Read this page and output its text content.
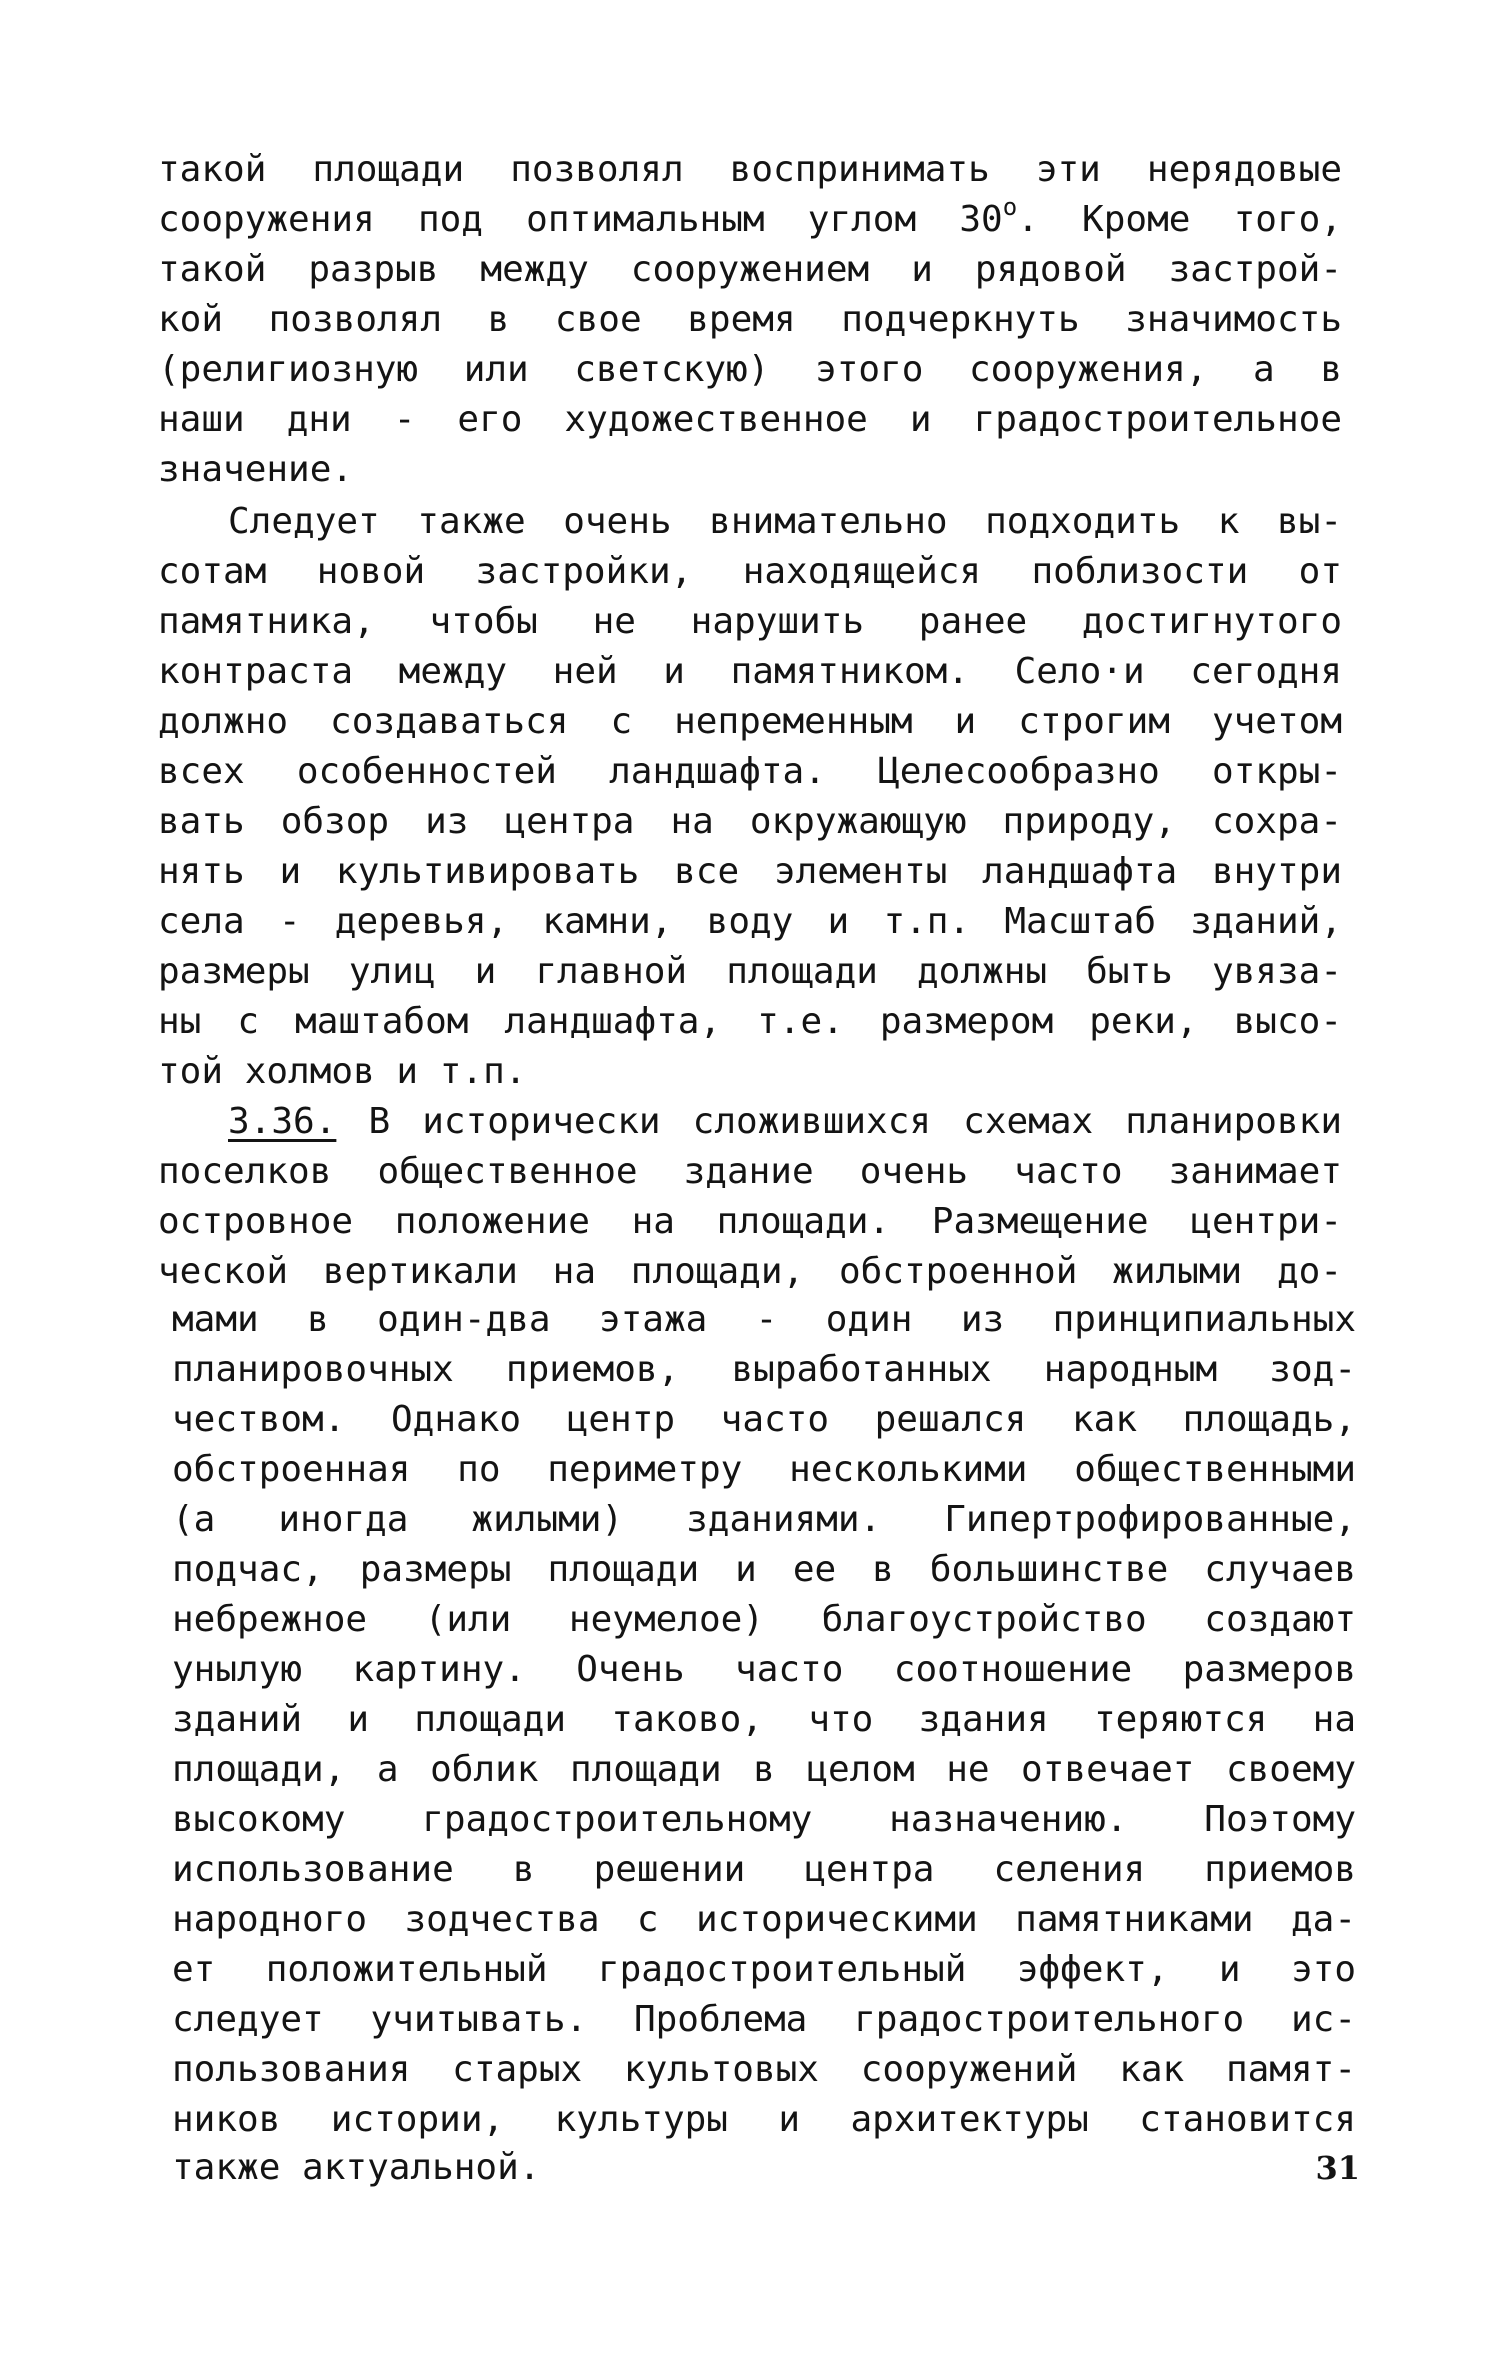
такой площади позволял воспринимать эти нерядовые
сооружения под оптимальным углом $30^о$. Кроме того,
такой разрыв между сооружением и рядовой застрой-
кой позволял в свое время подчеркнуть значимость
(религиозную или светскую) этого сооружения, а в
наши дни - его художественное и градостроительное
значение.
Следует также очень внимательно подходить к вы-
сотам новой застройки, находящейся поблизости от
памятника, чтобы не нарушить ранее достигнутого
контраста между ней и памятником. Село·и сегодня
должно создаваться с непременным и строгим учетом
всех особенностей ландшафта. Целесообразно откры-
вать обзор из центра на окружающую природу, сохра-
нять и культивировать все элементы ландшафта внутри
села - деревья, камни, воду и т.п. Масштаб зданий,
размеры улиц и главной площади должны быть увяза-
ны с маштабом ландшафта, т.е. размером реки, высо-
той холмов и т.п.
3.36. В исторически сложившихся схемах планировки
поселков общественное здание очень часто занимает
островное положение на площади. Размещение центри-
ческой вертикали на площади, обстроенной жилыми до-
мами в один-два этажа - один из принципиальных
планировочных приемов, выработанных народным зод-
чеством. Однако центр часто решался как площадь,
обстроенная по периметру несколькими общественными
(а иногда жилыми) зданиями. Гипертрофированные,
подчас, размеры площади и ее в большинстве случаев
небрежное (или неумелое) благоустройство создают
унылую картину. Очень часто соотношение размеров
зданий и площади таково, что здания теряются на
площади, а облик площади в целом не отвечает своему
высокому градостроительному назначению. Поэтому
использование в решении центра селения приемов
народного зодчества с историческими памятниками да-
ет положительный градостроительный эффект, и это
следует учитывать. Проблема градостроительного ис-
пользования старых культовых сооружений как памят-
ников истории, культуры и архитектуры становится
также актуальной.	31
